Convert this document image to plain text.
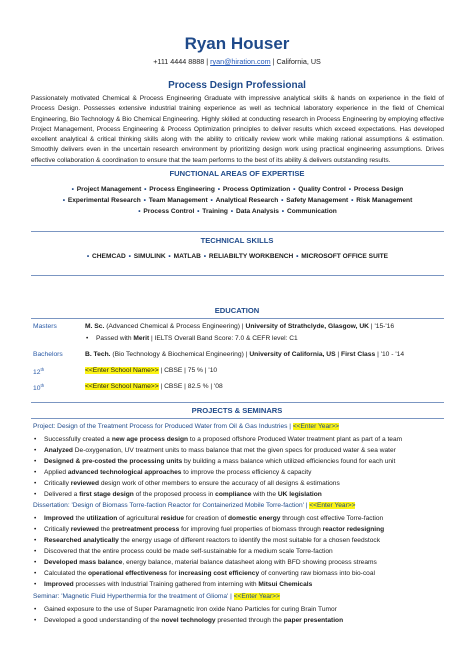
Ryan Houser
+111 4444 8888 | ryan@hiration.com | California, US
Process Design Professional
Passionately motivated Chemical & Process Engineering Graduate with impressive analytical skills & hands on experience in the field of Process Design. Possesses extensive industrial training experience as well as technical laboratory experience in the field of Chemical Engineering, Bio Technology & Bio Chemical Engineering. Highly skilled at conducting research in Process Engineering by employing effective Project Management, Process Engineering & Process Optimization principles to deliver results which exceed expectations. Has developed excellent analytical & critical thinking skills along with the ability to critically review work while making rational assumptions & estimation. Smoothly delivers even in the uncertain research environment by prioritizing design work using practical engineering assumptions. Drives effective collaboration & coordination to ensure that the team performs to the best of its ability & delivers outstanding results.
FUNCTIONAL AREAS OF EXPERTISE
• Project Management • Process Engineering • Process Optimization • Quality Control • Process Design
• Experimental Research • Team Management • Analytical Research • Safety Management • Risk Management
• Process Control • Training • Data Analysis • Communication
TECHNICAL SKILLS
• CHEMCAD • SIMULINK • MATLAB • RELIABILTY WORKBENCH • MICROSOFT OFFICE SUITE
EDUCATION
Masters	M. Sc. (Advanced Chemical & Process Engineering) | University of Strathclyde, Glasgow, UK | '15-'16
• Passed with Merit | IELTS Overall Band Score: 7.0 & CEFR level: C1
Bachelors	B. Tech. (Bio Technology & Biochemical Engineering) | University of California, US | First Class | '10 - '14
12th	<<Enter School Name>> | CBSE | 75 % | '10
10th	<<Enter School Name>> | CBSE | 82.5 % | '08
PROJECTS & SEMINARS
Project: Design of the Treatment Process for Produced Water from Oil & Gas Industries | <<Enter Year>>
• Successfully created a new age process design to a proposed offshore Produced Water treatment plant as part of a team
• Analyzed De-oxygenation, UV treatment units to mass balance that met the given specs for produced water & sea water
• Designed & pre-costed the processing units by building a mass balance which utilized efficiencies found for each unit
• Applied advanced technological approaches to improve the process efficiency & capacity
• Critically reviewed design work of other members to ensure the accuracy of all designs & estimations
• Delivered a first stage design of the proposed process in compliance with the UK legislation
Dissertation: 'Design of Biomass Torre-faction Reactor for Containerized Mobile Torre-faction' | <<Enter Year>>
• Improved the utilization of agricultural residue for creation of domestic energy through cost effective Torre-faction
• Critically reviewed the pretreatment process for improving fuel properties of biomass through reactor redesigning
• Researched analytically the energy usage of different reactors to identify the most suitable for a chosen feedstock
• Discovered that the entire process could be made self-sustainable for a medium scale Torre-faction
• Developed mass balance, energy balance, material balance datasheet along with BFD showing process streams
• Calculated the operational effectiveness for increasing cost efficiency of converting raw biomass into bio-coal
• Improved processes with Industrial Training gathered from interning with Mitsui Chemicals
Seminar: 'Magnetic Fluid Hyperthermia for the treatment of Glioma' | <<Enter Year>>
• Gained exposure to the use of Super Paramagnetic Iron oxide Nano Particles for curing Brain Tumor
• Developed a good understanding of the novel technology presented through the paper presentation
